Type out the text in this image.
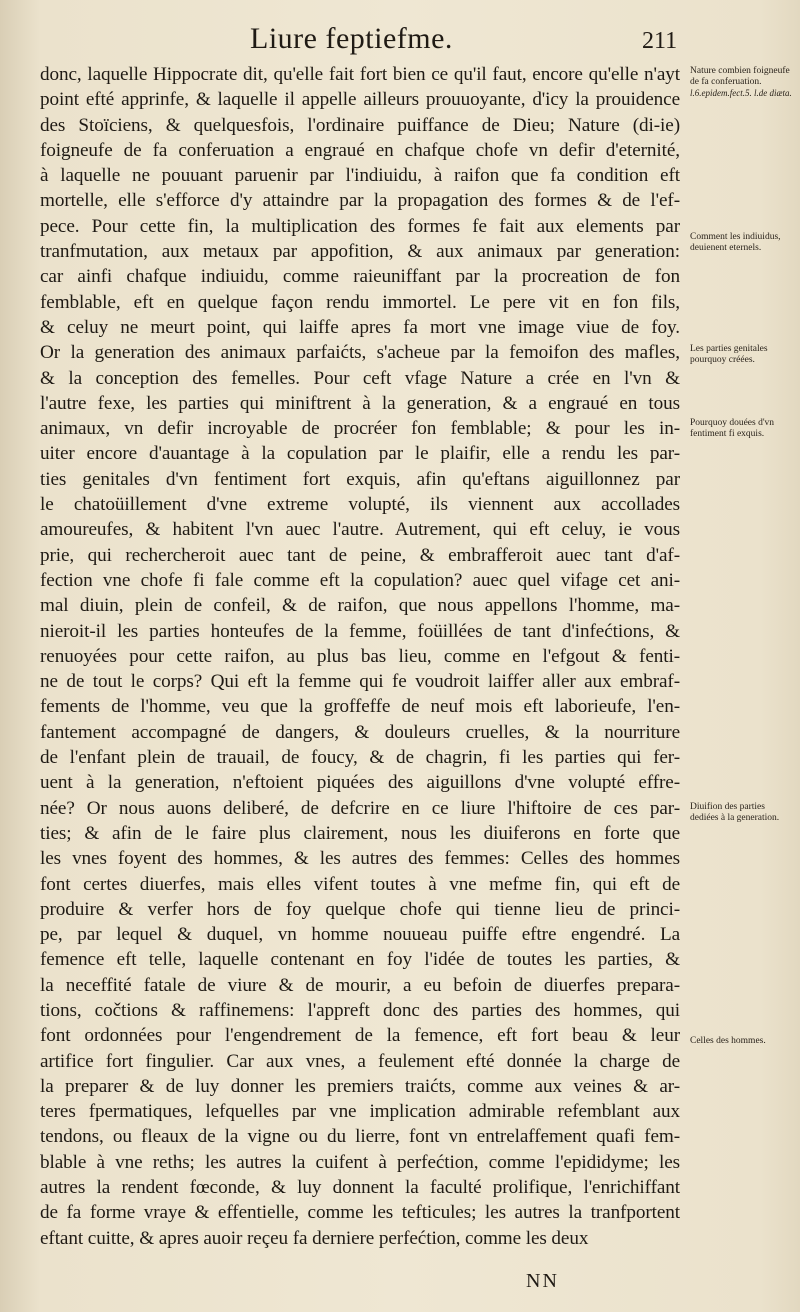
Liure feptiefme.	211
donc, laquelle Hippocrate dit, qu'elle fait fort bien ce qu'il faut, encore qu'elle n'ayt
point efté apprinfe, & laquelle il appelle ailleurs prouuoyante, d'icy la prouidence
des Stoïciens, & quelquesfois, l'ordinaire puiffance de Dieu; Nature (di-ie)
foigneufe de fa conferuation a engraué en chafque chofe vn defir d'eternité,
à laquelle ne pouuant paruenir par l'indiuidu, à raifon que fa condition eft
mortelle, elle s'efforce d'y attaindre par la propagation des formes & de l'ef-
pece. Pour cette fin, la multiplication des formes fe fait aux elements par
tranfmutation, aux metaux par appofition, & aux animaux par generation:
car ainfi chafque indiuidu, comme raieuniffant par la procreation de fon
femblable, eft en quelque façon rendu immortel. Le pere vit en fon fils,
& celuy ne meurt point, qui laiffe apres fa mort vne image viue de foy.
Or la generation des animaux parfaićts, s'acheue par la femoifon des mafles,
& la conception des femelles. Pour ceft vfage Nature a crée en l'vn &
l'autre fexe, les parties qui miniftrent à la generation, & a engraué en tous
animaux, vn defir incroyable de procréer fon femblable; & pour les in-
uiter encore d'auantage à la copulation par le plaifir, elle a rendu les par-
ties genitales d'vn fentiment fort exquis, afin qu'eftans aiguillonnez par
le chatoüillement d'vne extreme volupté, ils viennent aux accollades
amoureufes, & habitent l'vn auec l'autre. Autrement, qui eft celuy, ie vous
prie, qui rechercheroit auec tant de peine, & embrafferoit auec tant d'af-
fection vne chofe fi fale comme eft la copulation? auec quel vifage cet ani-
mal diuin, plein de confeil, & de raifon, que nous appellons l'homme, ma-
nieroit-il les parties honteufes de la femme, foüillées de tant d'infećtions, &
renuoyées pour cette raifon, au plus bas lieu, comme en l'efgout & fenti-
ne de tout le corps? Qui eft la femme qui fe voudroit laiffer aller aux embraf-
fements de l'homme, veu que la groffeffe de neuf mois eft laborieufe, l'en-
fantement accompagné de dangers, & douleurs cruelles, & la nourriture
de l'enfant plein de trauail, de foucy, & de chagrin, fi les parties qui fer-
uent à la generation, n'eftoient piquées des aiguillons d'vne volupté effre-
née? Or nous auons deliberé, de defcrire en ce liure l'hiftoire de ces par-
ties; & afin de le faire plus clairement, nous les diuiferons en forte que
les vnes foyent des hommes, & les autres des femmes: Celles des hommes
font certes diuerfes, mais elles vifent toutes à vne mefme fin, qui eft de
produire & verfer hors de foy quelque chofe qui tienne lieu de princi-
pe, par lequel & duquel, vn homme nouueau puiffe eftre engendré. La
femence eft telle, laquelle contenant en foy l'idée de toutes les parties, &
la neceffité fatale de viure & de mourir, a eu befoin de diuerfes prepara-
tions, cočtions & raffinemens: l'appreft donc des parties des hommes, qui
font ordonnées pour l'engendrement de la femence, eft fort beau & leur
artifice fort fingulier. Car aux vnes, a feulement efté donnée la charge de
la preparer & de luy donner les premiers traićts, comme aux veines & ar-
teres fpermatiques, lefquelles par vne implication admirable refemblant aux
tendons, ou fleaux de la vigne ou du lierre, font vn entrelaffement quafi fem-
blable à vne reths; les autres la cuifent à perfećtion, comme l'epididyme; les
autres la rendent fœconde, & luy donnent la faculté prolifique, l'enrichiffant
de fa forme vraye & effentielle, comme les tefticules; les autres la tranfportent
eftant cuitte, & apres auoir reçeu fa derniere perfećtion, comme les deux
Nature combien foigneufe de fa conferuation.
l.6.epidem.fect.5. l.de diæta.
Comment les indiuidus, deuienent eternels.
Les parties genitales pourquoy créées.
Pourquoy douées d'vn fentiment fi exquis.
Diuifion des parties dediées à la generation.
Celles des hommes.
NN
